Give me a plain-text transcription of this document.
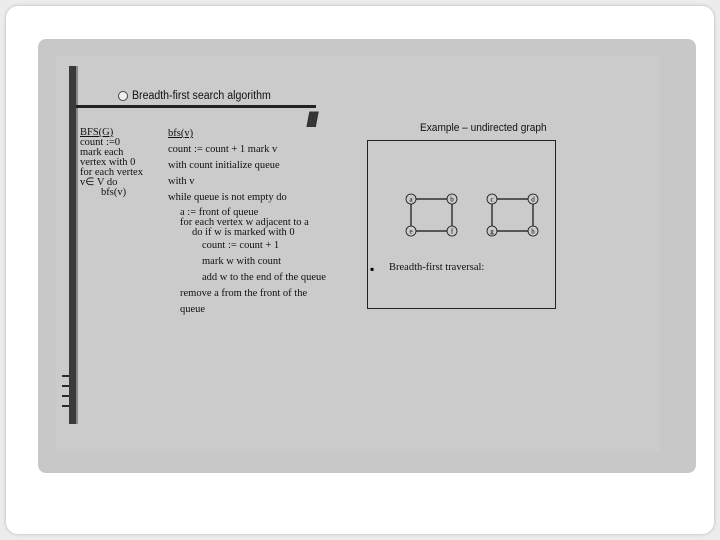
III
Breadth-first search algorithm
BFS(G)
count :=0
mark each
vertex with 0
for each vertex
v∈ V do
bfs(v)
bfs(v)
count := count + 1 mark v
with count initialize queue
with v
while queue is not empty do
a := front of queue
for each vertex w adjacent to a
do if w is marked with 0
count := count + 1
mark w with count
add w to the end of the queue
remove a from the front of the
queue
Example – undirected graph
a	b	c	d
e	f	g	h
▪ Breadth-first traversal:
